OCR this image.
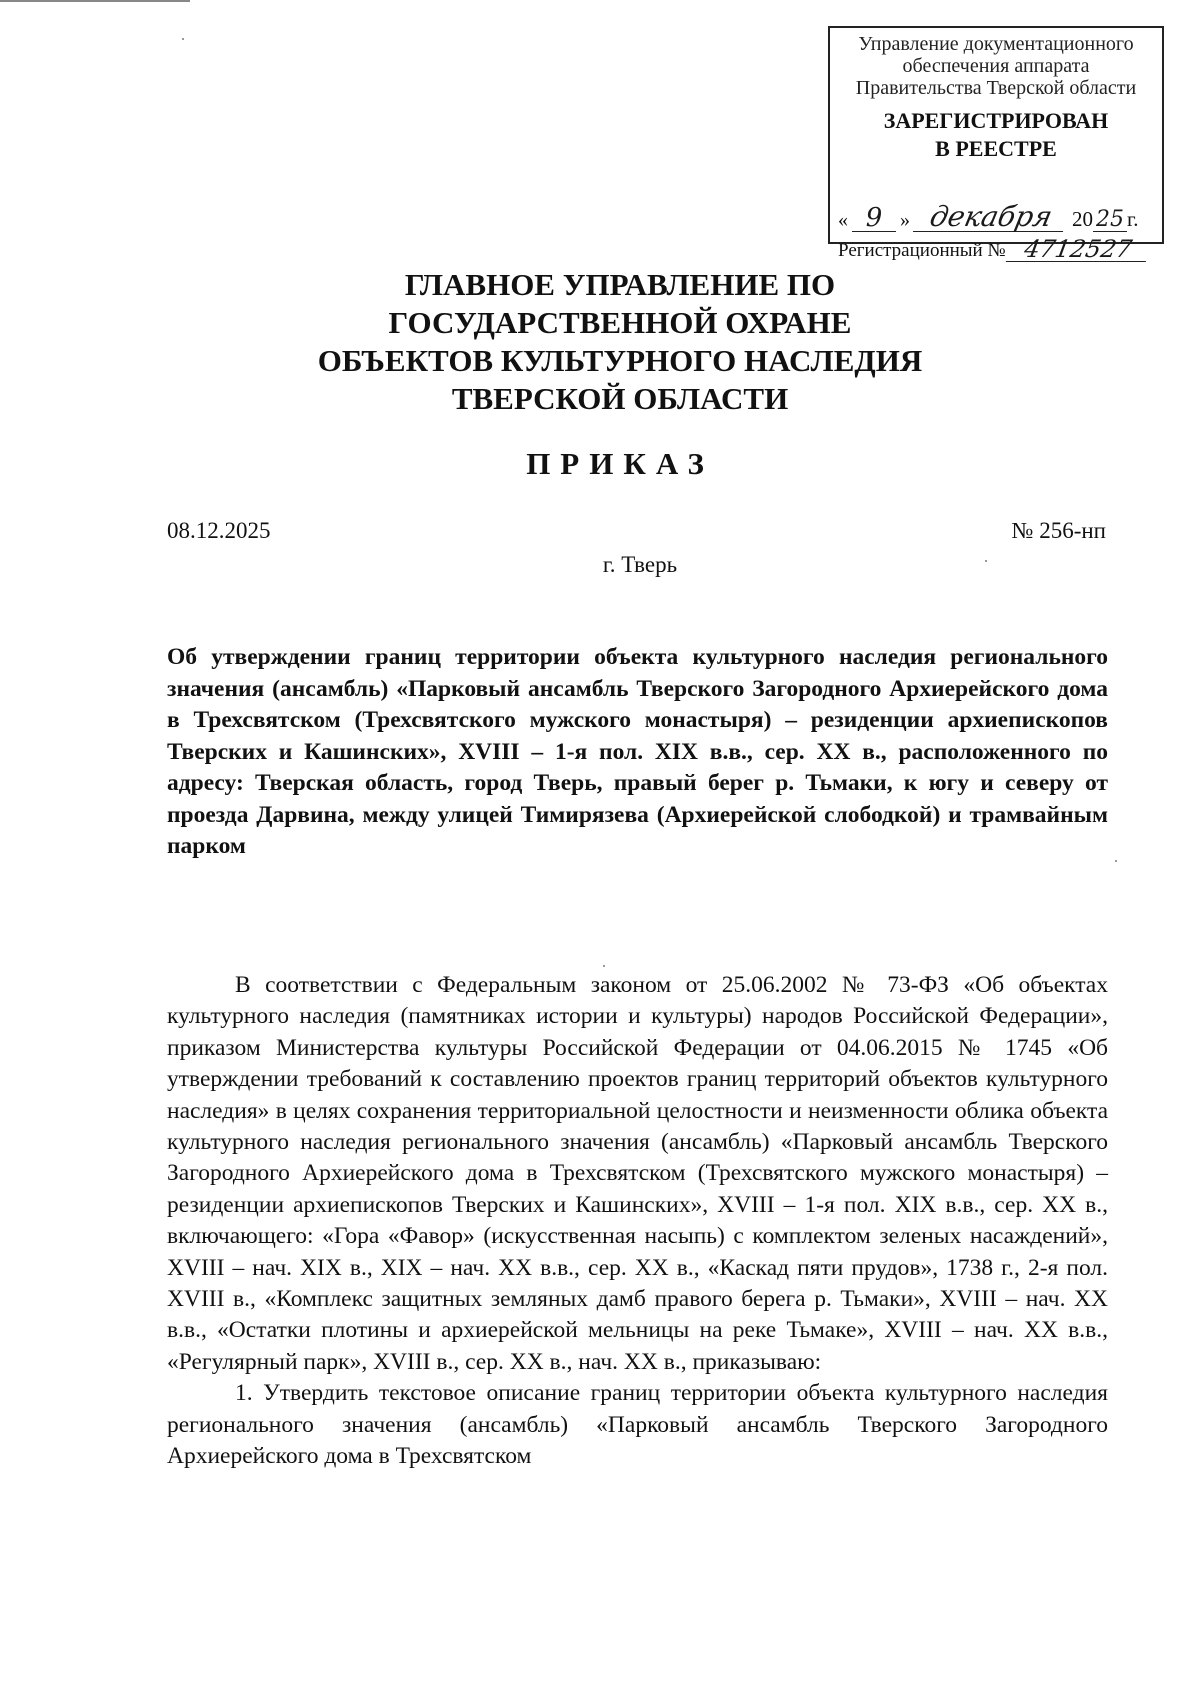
Управление документационного
обеспечения аппарата
Правительства Тверской области
ЗАРЕГИСТРИРОВАН
В РЕЕСТРЕ
« 9 » декабря 20 25 г.
Регистрационный № 4712527
ГЛАВНОЕ УПРАВЛЕНИЕ ПО
ГОСУДАРСТВЕННОЙ ОХРАНЕ
ОБЪЕКТОВ КУЛЬТУРНОГО НАСЛЕДИЯ
ТВЕРСКОЙ ОБЛАСТИ
ПРИКАЗ
08.12.2025	№ 256-нп
г. Тверь
Об утверждении границ территории объекта культурного наследия регионального значения (ансамбль) «Парковый ансамбль Тверского Загородного Архиерейского дома в Трехсвятском (Трехсвятского мужского монастыря) – резиденции архиепископов Тверских и Кашинских», XVIII – 1-я пол. XIX в.в., сер. XX в., расположенного по адресу: Тверская область, город Тверь, правый берег р. Тьмаки, к югу и северу от проезда Дарвина, между улицей Тимирязева (Архиерейской слободкой) и трамвайным парком

В соответствии с Федеральным законом от 25.06.2002 № 73-ФЗ «Об объектах культурного наследия (памятниках истории и культуры) народов Российской Федерации», приказом Министерства культуры Российской Федерации от 04.06.2015 № 1745 «Об утверждении требований к составлению проектов границ территорий объектов культурного наследия» в целях сохранения территориальной целостности и неизменности облика объекта культурного наследия регионального значения (ансамбль) «Парковый ансамбль Тверского Загородного Архиерейского дома в Трехсвятском (Трехсвятского мужского монастыря) – резиденции архиепископов Тверских и Кашинских», XVIII – 1-я пол. XIX в.в., сер. XX в., включающего: «Гора «Фавор» (искусственная насыпь) с комплектом зеленых насаждений», XVIII – нач. XIX в., XIX – нач. XX в.в., сер. XX в., «Каскад пяти прудов», 1738 г., 2-я пол. XVIII в., «Комплекс защитных земляных дамб правого берега р. Тьмаки», XVIII – нач. XX в.в., «Остатки плотины и архиерейской мельницы на реке Тьмаке», XVIII – нач. XX в.в., «Регулярный парк», XVIII в., сер. XX в., нач. XX в., приказываю:

1. Утвердить текстовое описание границ территории объекта культурного наследия регионального значения (ансамбль) «Парковый ансамбль Тверского Загородного Архиерейского дома в Трехсвятском
